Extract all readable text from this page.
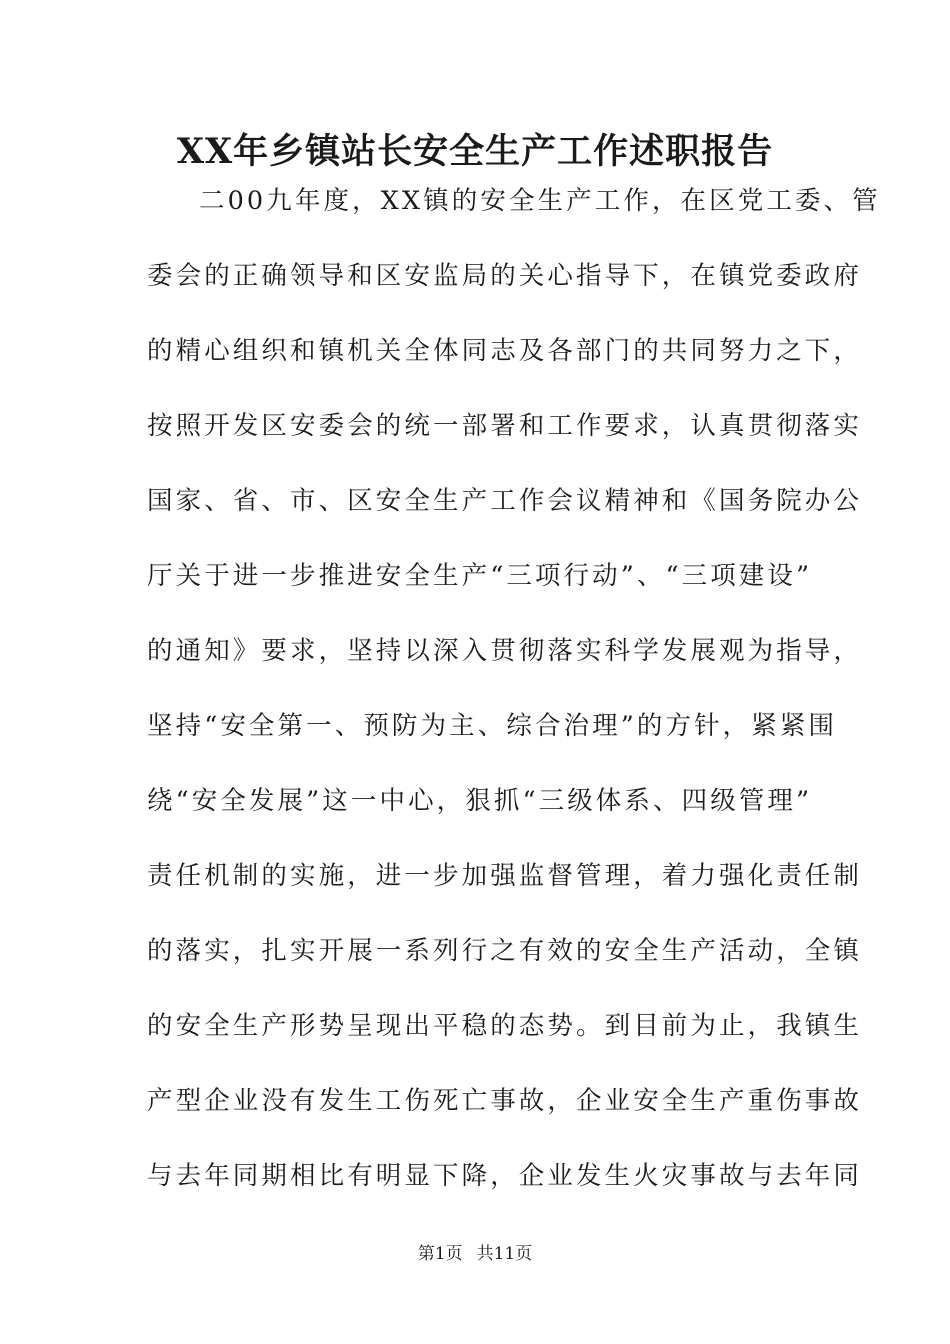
XX年乡镇站长安全生产工作述职报告
二00九年度，XX镇的安全生产工作，在区党工委、管
委会的正确领导和区安监局的关心指导下，在镇党委政府
的精心组织和镇机关全体同志及各部门的共同努力之下，
按照开发区安委会的统一部署和工作要求，认真贯彻落实
国家、省、市、区安全生产工作会议精神和《国务院办公
厅关于进一步推进安全生产“三项行动”、“三项建设”
的通知》要求，坚持以深入贯彻落实科学发展观为指导，
坚持“安全第一、预防为主、综合治理”的方针，紧紧围
绕“安全发展”这一中心，狠抓“三级体系、四级管理”
责任机制的实施，进一步加强监督管理，着力强化责任制
的落实，扎实开展一系列行之有效的安全生产活动，全镇
的安全生产形势呈现出平稳的态势。到目前为止，我镇生
产型企业没有发生工伤死亡事故，企业安全生产重伤事故
与去年同期相比有明显下降，企业发生火灾事故与去年同
第1页 共11页
